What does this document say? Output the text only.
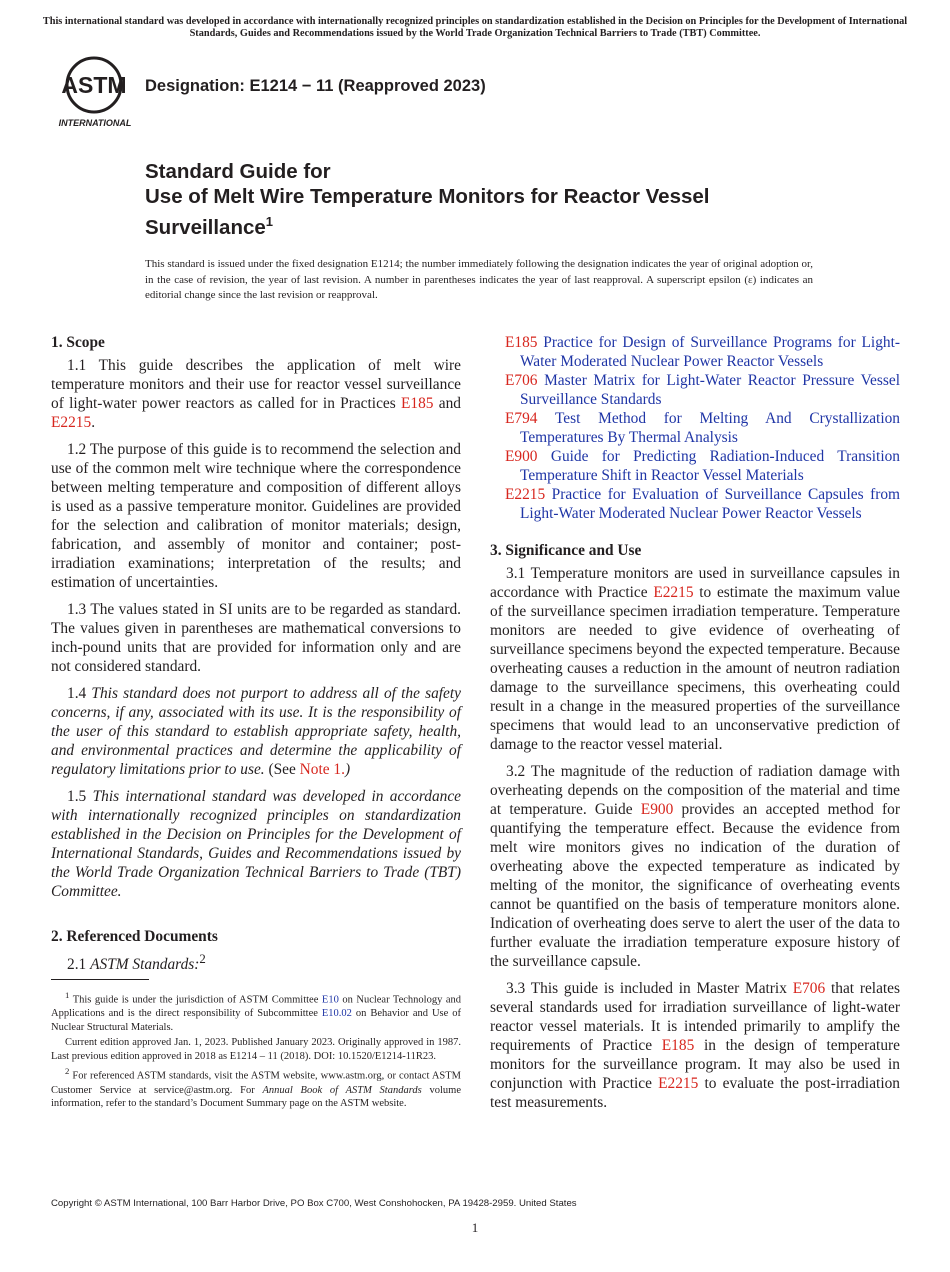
This international standard was developed in accordance with internationally recognized principles on standardization established in the Decision on Principles for the Development of International Standards, Guides and Recommendations issued by the World Trade Organization Technical Barriers to Trade (TBT) Committee.
ASTM
INTERNATIONAL
Designation: E1214 − 11 (Reapproved 2023)
Standard Guide for
Use of Melt Wire Temperature Monitors for Reactor Vessel
Surveillance$^1$
This standard is issued under the fixed designation E1214; the number immediately following the designation indicates the year of original adoption or, in the case of revision, the year of last revision. A number in parentheses indicates the year of last reapproval. A superscript epsilon (ε) indicates an editorial change since the last revision or reapproval.
1. Scope

1.1 This guide describes the application of melt wire temperature monitors and their use for reactor vessel surveillance of light-water power reactors as called for in Practices E185 and E2215.

1.2 The purpose of this guide is to recommend the selection and use of the common melt wire technique where the correspondence between melting temperature and composition of different alloys is used as a passive temperature monitor. Guidelines are provided for the selection and calibration of monitor materials; design, fabrication, and assembly of monitor and container; post-irradiation examinations; interpretation of the results; and estimation of uncertainties.

1.3 The values stated in SI units are to be regarded as standard. The values given in parentheses are mathematical conversions to inch-pound units that are provided for information only and are not considered standard.

1.4 This standard does not purport to address all of the safety concerns, if any, associated with its use. It is the responsibility of the user of this standard to establish appropriate safety, health, and environmental practices and determine the applicability of regulatory limitations prior to use. (See Note 1.)

1.5 This international standard was developed in accordance with internationally recognized principles on standardization established in the Decision on Principles for the Development of International Standards, Guides and Recommendations issued by the World Trade Organization Technical Barriers to Trade (TBT) Committee.

2. Referenced Documents

2.1 ASTM Standards:$^2$

$^1$ This guide is under the jurisdiction of ASTM Committee E10 on Nuclear Technology and Applications and is the direct responsibility of Subcommittee E10.02 on Behavior and Use of Nuclear Structural Materials.

Current edition approved Jan. 1, 2023. Published January 2023. Originally approved in 1987. Last previous edition approved in 2018 as E1214 – 11 (2018). DOI: 10.1520/E1214-11R23.

$^2$ For referenced ASTM standards, visit the ASTM website, www.astm.org, or contact ASTM Customer Service at service@astm.org. For Annual Book of ASTM Standards volume information, refer to the standard’s Document Summary page on the ASTM website.

E185 Practice for Design of Surveillance Programs for Light-Water Moderated Nuclear Power Reactor Vessels
E706 Master Matrix for Light-Water Reactor Pressure Vessel Surveillance Standards
E794 Test Method for Melting And Crystallization Temperatures By Thermal Analysis
E900 Guide for Predicting Radiation-Induced Transition Temperature Shift in Reactor Vessel Materials
E2215 Practice for Evaluation of Surveillance Capsules from Light-Water Moderated Nuclear Power Reactor Vessels
3. Significance and Use

3.1 Temperature monitors are used in surveillance capsules in accordance with Practice E2215 to estimate the maximum value of the surveillance specimen irradiation temperature. Temperature monitors are needed to give evidence of overheating of surveillance specimens beyond the expected temperature. Because overheating causes a reduction in the amount of neutron radiation damage to the surveillance specimens, this overheating could result in a change in the measured properties of the surveillance specimens that would lead to an unconservative prediction of damage to the reactor vessel material.

3.2 The magnitude of the reduction of radiation damage with overheating depends on the composition of the material and time at temperature. Guide E900 provides an accepted method for quantifying the temperature effect. Because the evidence from melt wire monitors gives no indication of the duration of overheating above the expected temperature as indicated by melting of the monitor, the significance of overheating events cannot be quantified on the basis of temperature monitors alone. Indication of overheating does serve to alert the user of the data to further evaluate the irradiation temperature exposure history of the surveillance capsule.

3.3 This guide is included in Master Matrix E706 that relates several standards used for irradiation surveillance of light-water reactor vessel materials. It is intended primarily to amplify the requirements of Practice E185 in the design of temperature monitors for the surveillance program. It may also be used in conjunction with Practice E2215 to evaluate the post-irradiation test measurements.

Copyright © ASTM International, 100 Barr Harbor Drive, PO Box C700, West Conshohocken, PA 19428-2959. United States
1
